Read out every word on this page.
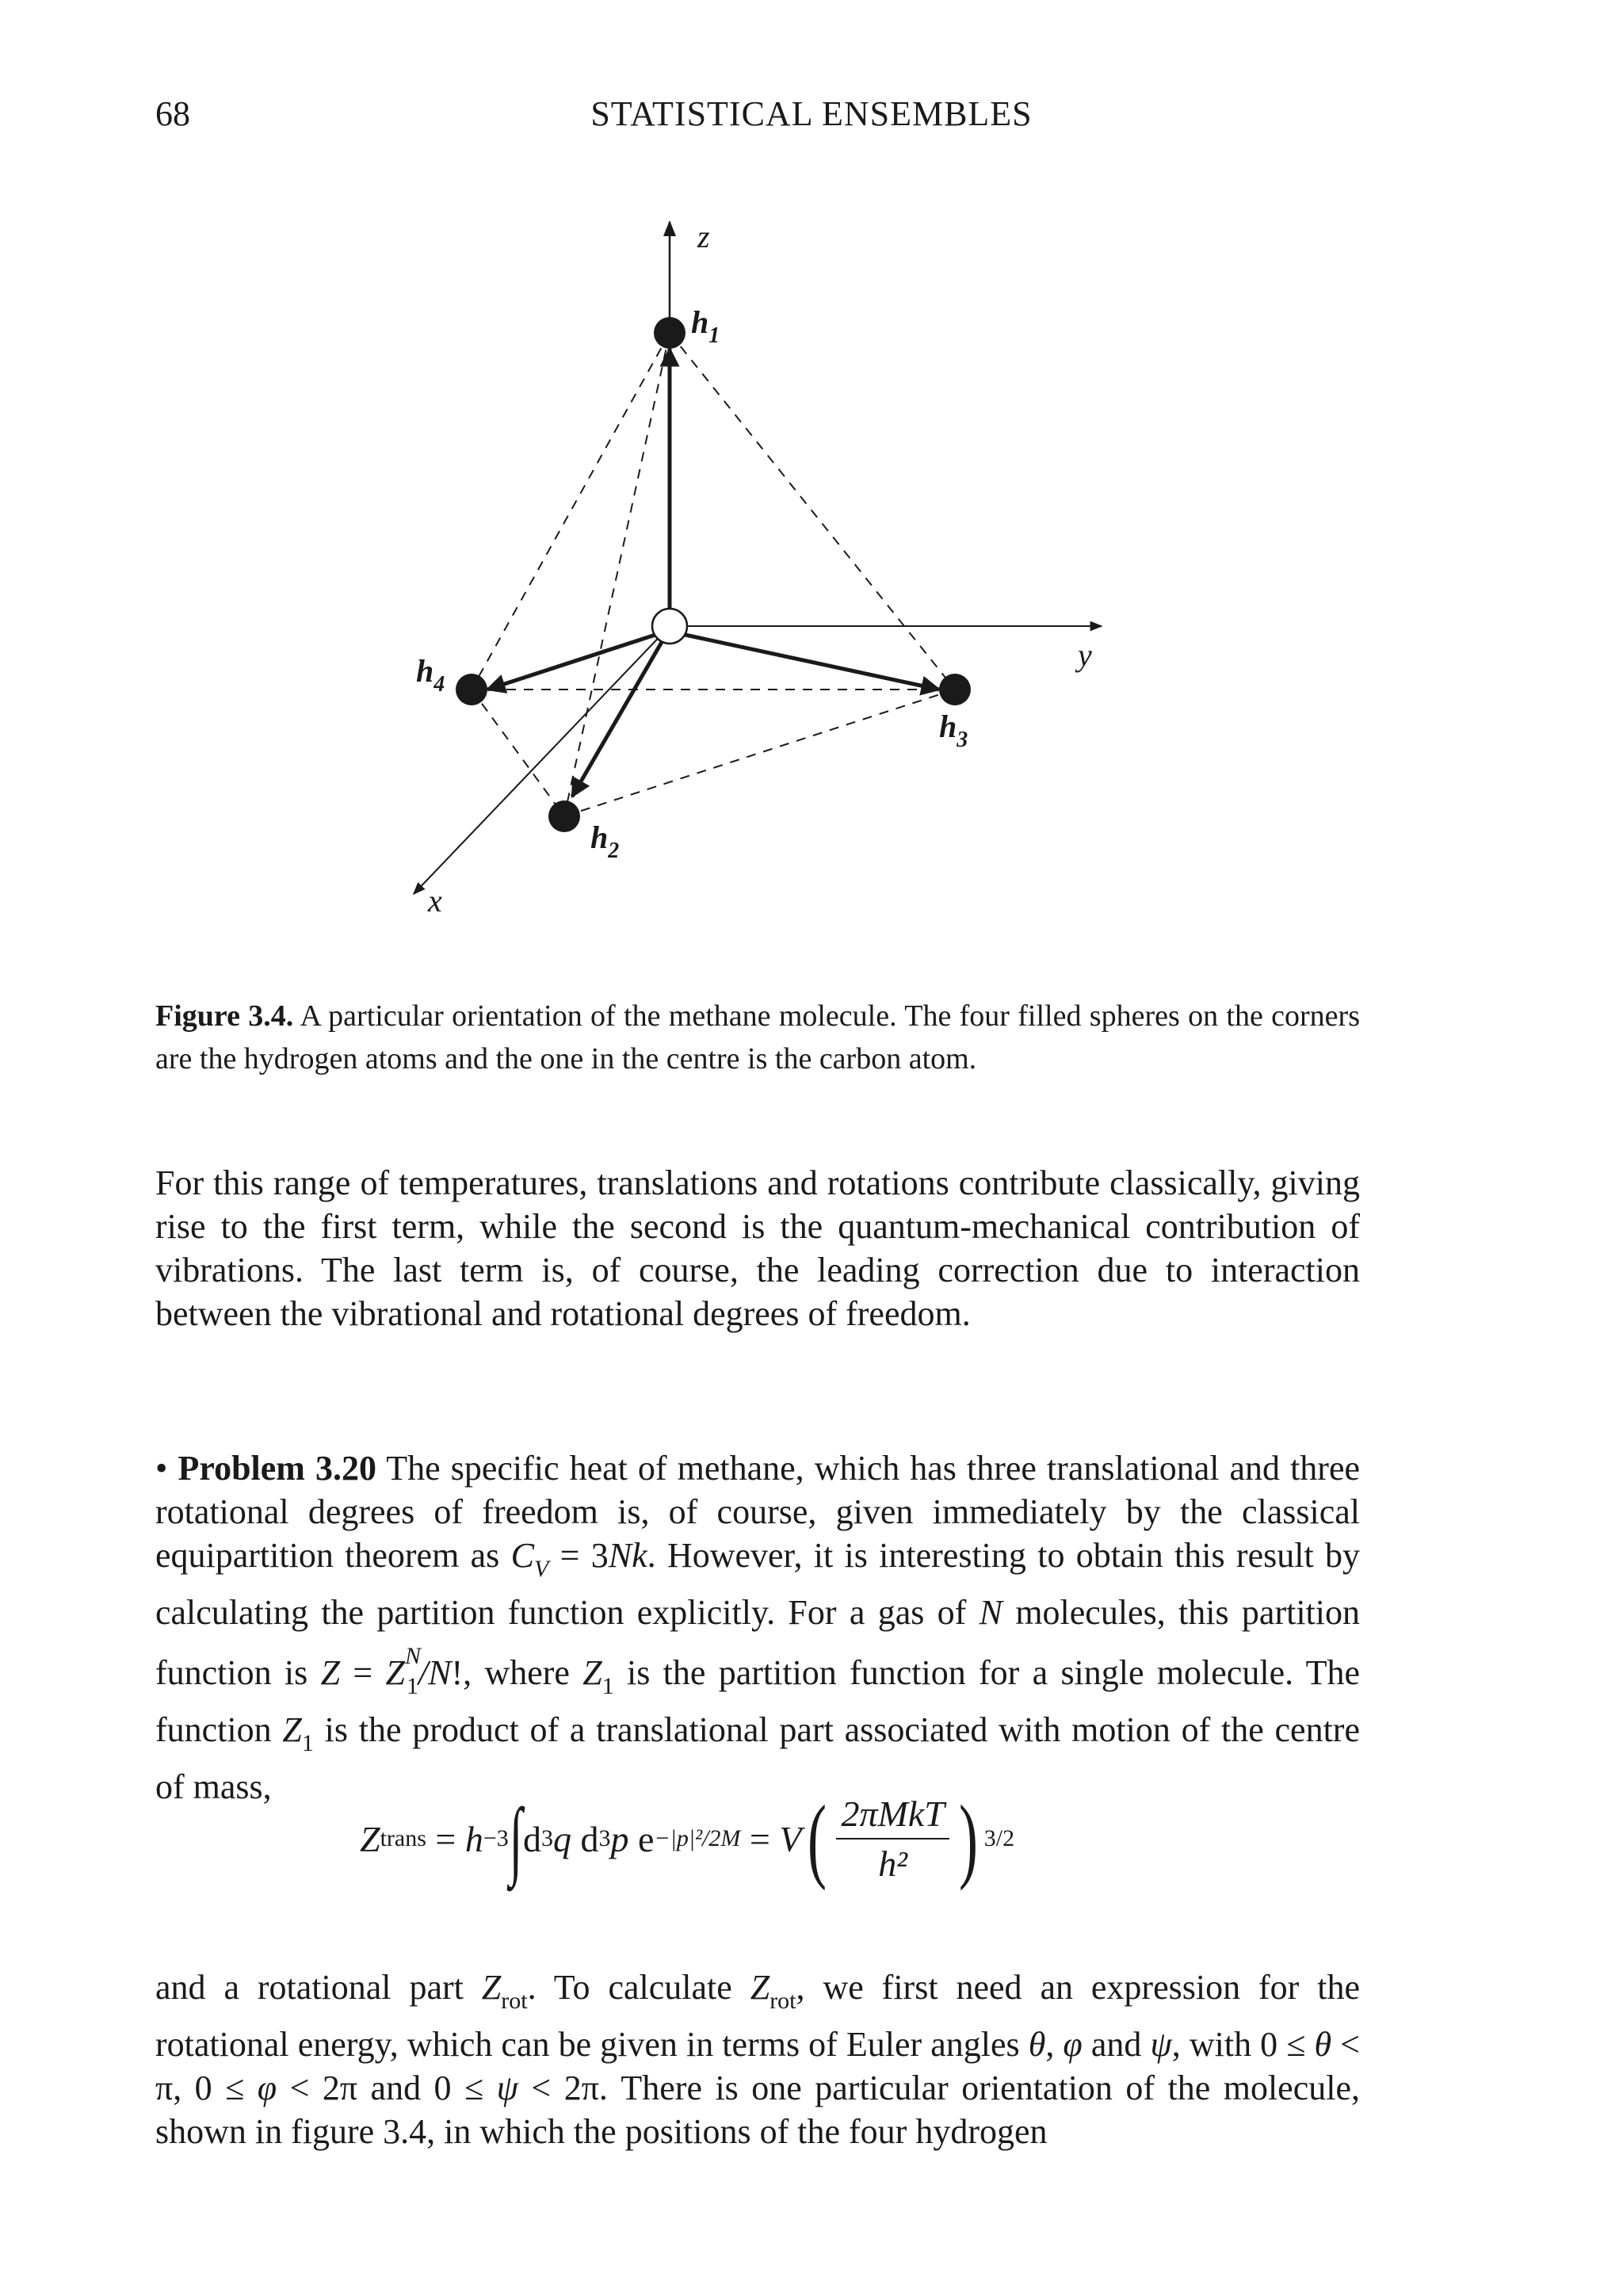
68	STATISTICAL ENSEMBLES
z
y
x
$h_1$
$h_4$
$h_3$
$h_2$
Figure 3.4. A particular orientation of the methane molecule. The four filled spheres on the corners are the hydrogen atoms and the one in the centre is the carbon atom.

For this range of temperatures, translations and rotations contribute classically, giving rise to the first term, while the second is the quantum-mechanical contribution of vibrations. The last term is, of course, the leading correction due to interaction between the vibrational and rotational degrees of freedom.

• Problem 3.20 The specific heat of methane, which has three translational and three rotational degrees of freedom is, of course, given immediately by the classical equipartition theorem as $C_V = 3Nk$. However, it is interesting to obtain this result by calculating the partition function explicitly. For a gas of N molecules, this partition function is $Z = Z^N_1/N$!, where $Z_1$ is the partition function for a single molecule. The function $Z_1$ is the product of a translational part associated with motion of the centre of mass,

Z trans = h −3 ∫ d 3 q d 3 p e −|p|²/2M = V ( $\frac{\text{2πMkT}}{\text{h²}}$ ) 3/2

and a rotational part $Z_{rot}$. To calculate $Z_{rot}$, we first need an expression for the rotational energy, which can be given in terms of Euler angles θ, φ and ψ, with 0 ≤ θ < π, 0 ≤ φ < 2π and 0 ≤ ψ < 2π. There is one particular orientation of the molecule, shown in figure 3.4, in which the positions of the four hydrogen
